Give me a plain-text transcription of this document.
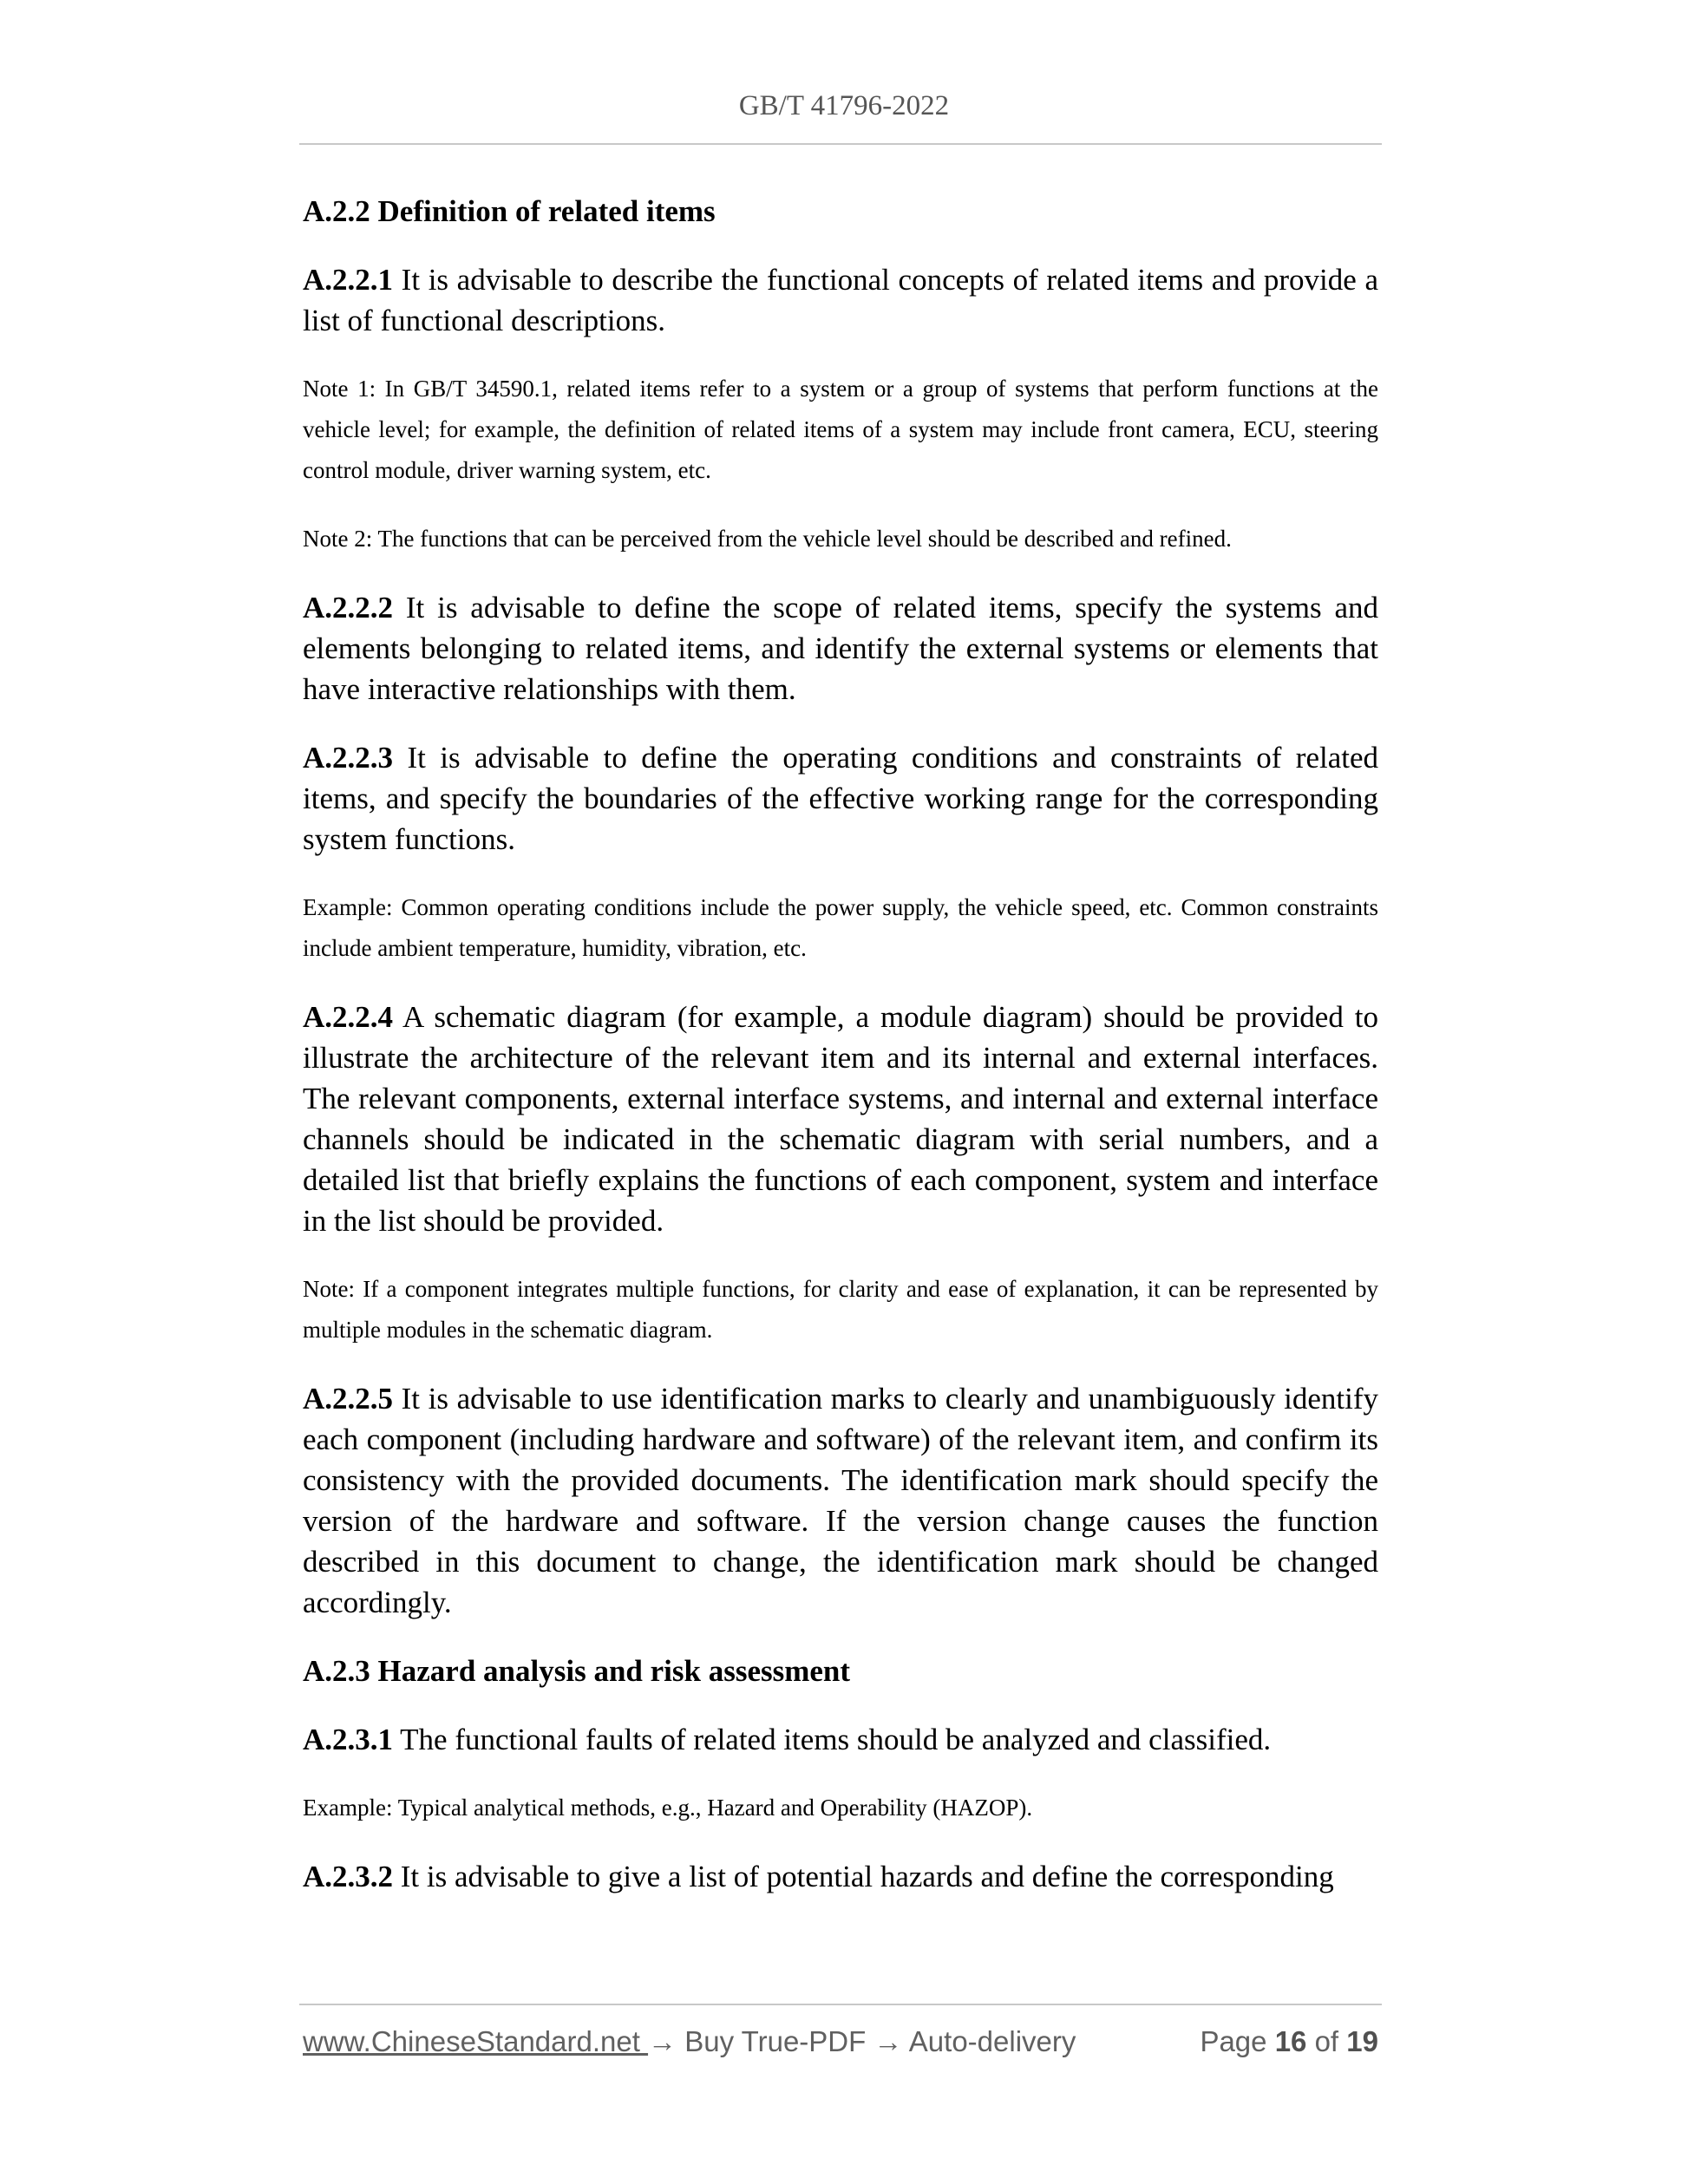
GB/T 41796-2022

A.2.2 Definition of related items

A.2.2.1 It is advisable to describe the functional concepts of related items and provide a list of functional descriptions.

Note 1: In GB/T 34590.1, related items refer to a system or a group of systems that perform functions at the vehicle level; for example, the definition of related items of a system may include front camera, ECU, steering control module, driver warning system, etc.

Note 2: The functions that can be perceived from the vehicle level should be described and refined.

A.2.2.2 It is advisable to define the scope of related items, specify the systems and elements belonging to related items, and identify the external systems or elements that have interactive relationships with them.

A.2.2.3 It is advisable to define the operating conditions and constraints of related items, and specify the boundaries of the effective working range for the corresponding system functions.

Example: Common operating conditions include the power supply, the vehicle speed, etc. Common constraints include ambient temperature, humidity, vibration, etc.

A.2.2.4 A schematic diagram (for example, a module diagram) should be provided to illustrate the architecture of the relevant item and its internal and external interfaces. The relevant components, external interface systems, and internal and external interface channels should be indicated in the schematic diagram with serial numbers, and a detailed list that briefly explains the functions of each component, system and interface in the list should be provided.

Note: If a component integrates multiple functions, for clarity and ease of explanation, it can be represented by multiple modules in the schematic diagram.

A.2.2.5 It is advisable to use identification marks to clearly and unambiguously identify each component (including hardware and software) of the relevant item, and confirm its consistency with the provided documents. The identification mark should specify the version of the hardware and software. If the version change causes the function described in this document to change, the identification mark should be changed accordingly.

A.2.3 Hazard analysis and risk assessment

A.2.3.1 The functional faults of related items should be analyzed and classified.

Example: Typical analytical methods, e.g., Hazard and Operability (HAZOP).

A.2.3.2 It is advisable to give a list of potential hazards and define the corresponding

www.ChineseStandard.net → Buy True-PDF → Auto-delivery	Page 16 of 19
